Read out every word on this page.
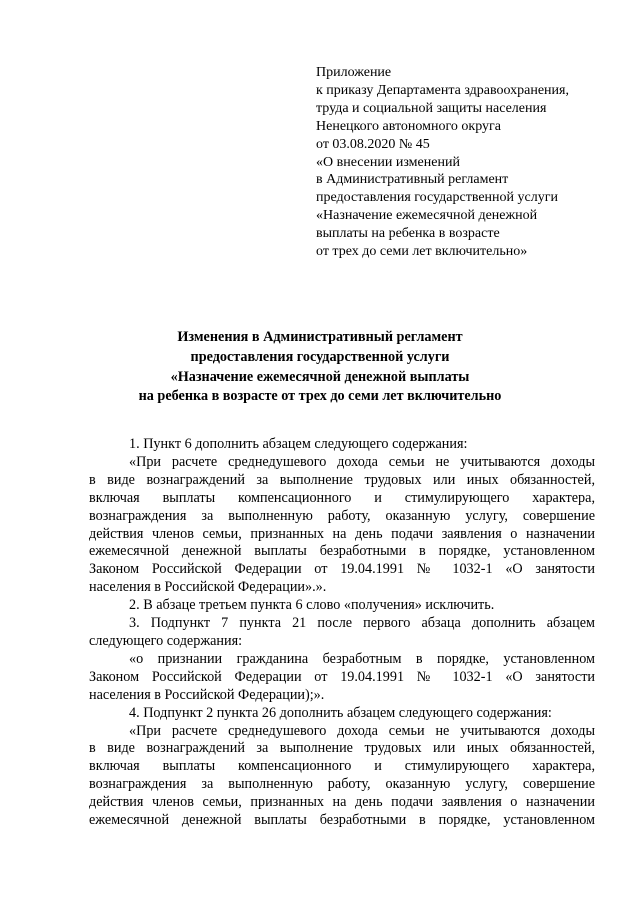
Приложение
к приказу Департамента здравоохранения,
труда и социальной защиты населения
Ненецкого автономного округа
от 03.08.2020 № 45
«О внесении изменений
в Административный регламент
предоставления государственной услуги
«Назначение ежемесячной денежной
выплаты на ребенка в возрасте
от трех до семи лет включительно»
Изменения в Административный регламент
предоставления государственной услуги
«Назначение ежемесячной денежной выплаты
на ребенка в возрасте от трех до семи лет включительно
1. Пункт 6 дополнить абзацем следующего содержания:
«При расчете среднедушевого дохода семьи не учитываются доходы
в виде вознаграждений за выполнение трудовых или иных обязанностей,
включая выплаты компенсационного и стимулирующего характера,
вознаграждения за выполненную работу, оказанную услугу, совершение
действия членов семьи, признанных на день подачи заявления о назначении
ежемесячной денежной выплаты безработными в порядке, установленном
Законом Российской Федерации от 19.04.1991 № 1032-1 «О занятости
населения в Российской Федерации».».
2. В абзаце третьем пункта 6 слово «получения» исключить.
3. Подпункт 7 пункта 21 после первого абзаца дополнить абзацем
следующего содержания:
«о признании гражданина безработным в порядке, установленном
Законом Российской Федерации от 19.04.1991 № 1032-1 «О занятости
населения в Российской Федерации);».
4. Подпункт 2 пункта 26 дополнить абзацем следующего содержания:
«При расчете среднедушевого дохода семьи не учитываются доходы
в виде вознаграждений за выполнение трудовых или иных обязанностей,
включая выплаты компенсационного и стимулирующего характера,
вознаграждения за выполненную работу, оказанную услугу, совершение
действия членов семьи, признанных на день подачи заявления о назначении
ежемесячной денежной выплаты безработными в порядке, установленном
